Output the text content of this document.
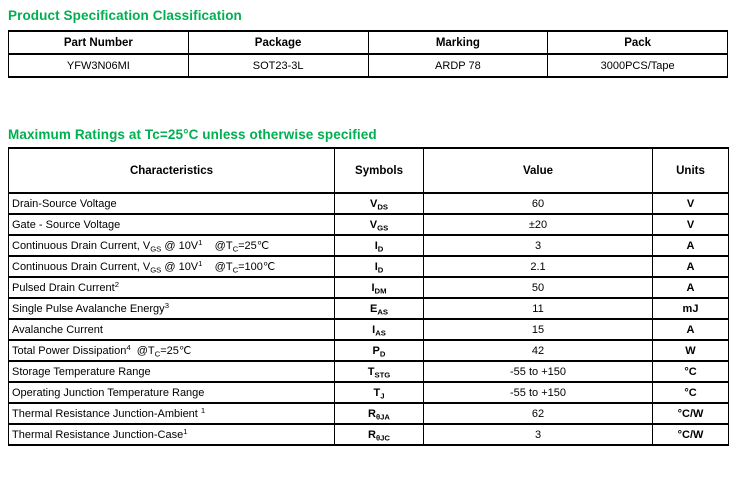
Product Specification Classification
Part Number	Package	Marking	Pack
YFW3N06MI	SOT23-3L	ARDP 78	3000PCS/Tape
Maximum Ratings at Tc=25°C unless otherwise specified
Characteristics	Symbols	Value	Units
Drain-Source Voltage	$V_{DS}$	60	V
Gate - Source Voltage	$V_{GS}$	±20	V
Continuous Drain Current, $V_{GS}$ @ $10V^1$    $@T_C=25℃$	$I_D$	3	A
Continuous Drain Current, $V_{GS}$ @ $10V^1$    $@T_C=100℃$	$I_D$	2.1	A
Pulsed Drain Current$^2$	$I_{DM}$	50	A
Single Pulse Avalanche Energy$^3$	$E_{AS}$	11	mJ
Avalanche Current	$I_{AS}$	15	A
Total Power Dissipation$^4$  $@T_C=25℃$	$P_D$	42	W
Storage Temperature Range	$T_{STG}$	-55 to +150	°C
Operating Junction Temperature Range	$T_J$	-55 to +150	°C
Thermal Resistance Junction-Ambient $^1$	$R_{\theta JA}$	62	°C/W
Thermal Resistance Junction-Case$^1$	$R_{\theta JC}$	3	°C/W
